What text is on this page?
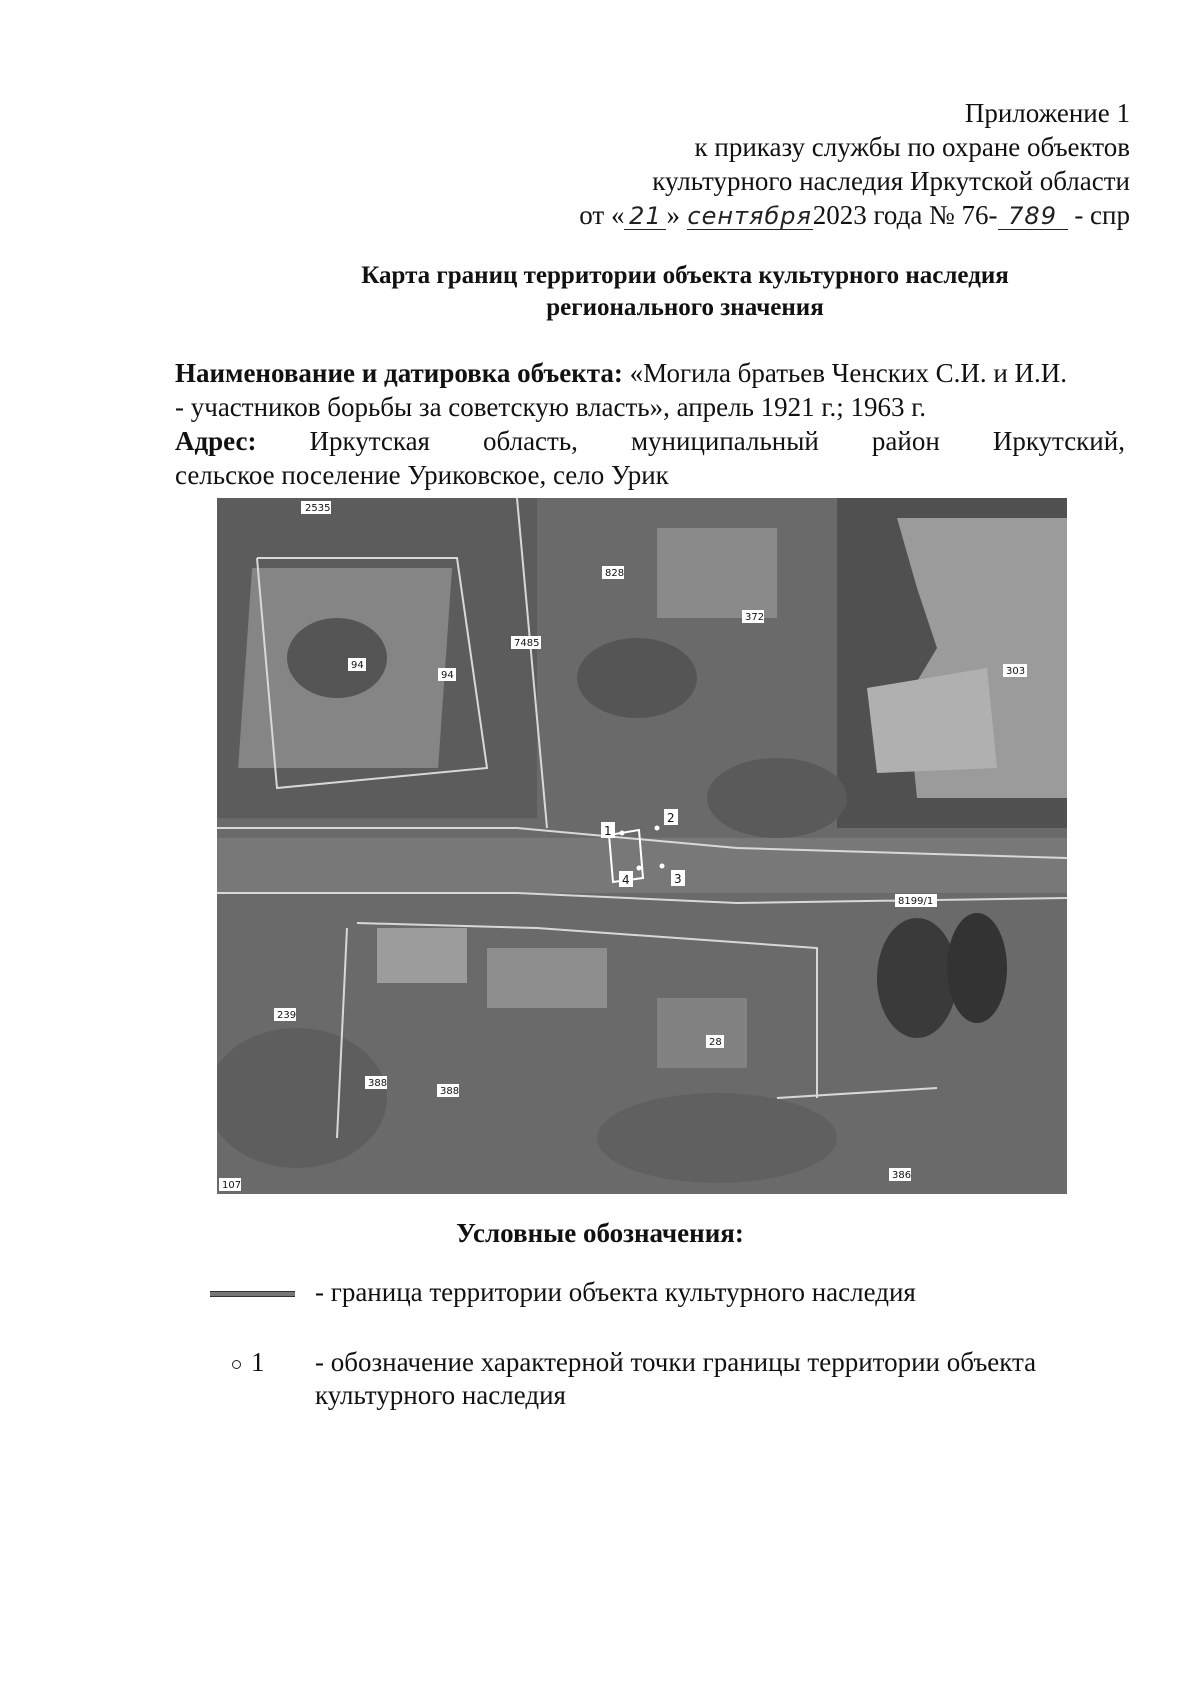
Приложение 1
к приказу службы по охране объектов
культурного наследия Иркутской области
от « 21 » сентября2023 года № 76- 789 - спр
Карта границ территории объекта культурного наследия
регионального значения
Наименование и датировка объекта: «Могила братьев Ченских С.И. и И.И.
- участников борьбы за советскую власть», апрель 1921 г.; 1963 г.
Адрес: Иркутская область, муниципальный район Иркутский,
сельское поселение Уриковское, село Урик
2535
828
372
7485
94
94	303
8199/1
239
388
388
28
107
386
1
2
3
4
Условные обозначения:
- граница территории объекта культурного наследия
1 - обозначение характерной точки границы территории объекта
культурного наследия
